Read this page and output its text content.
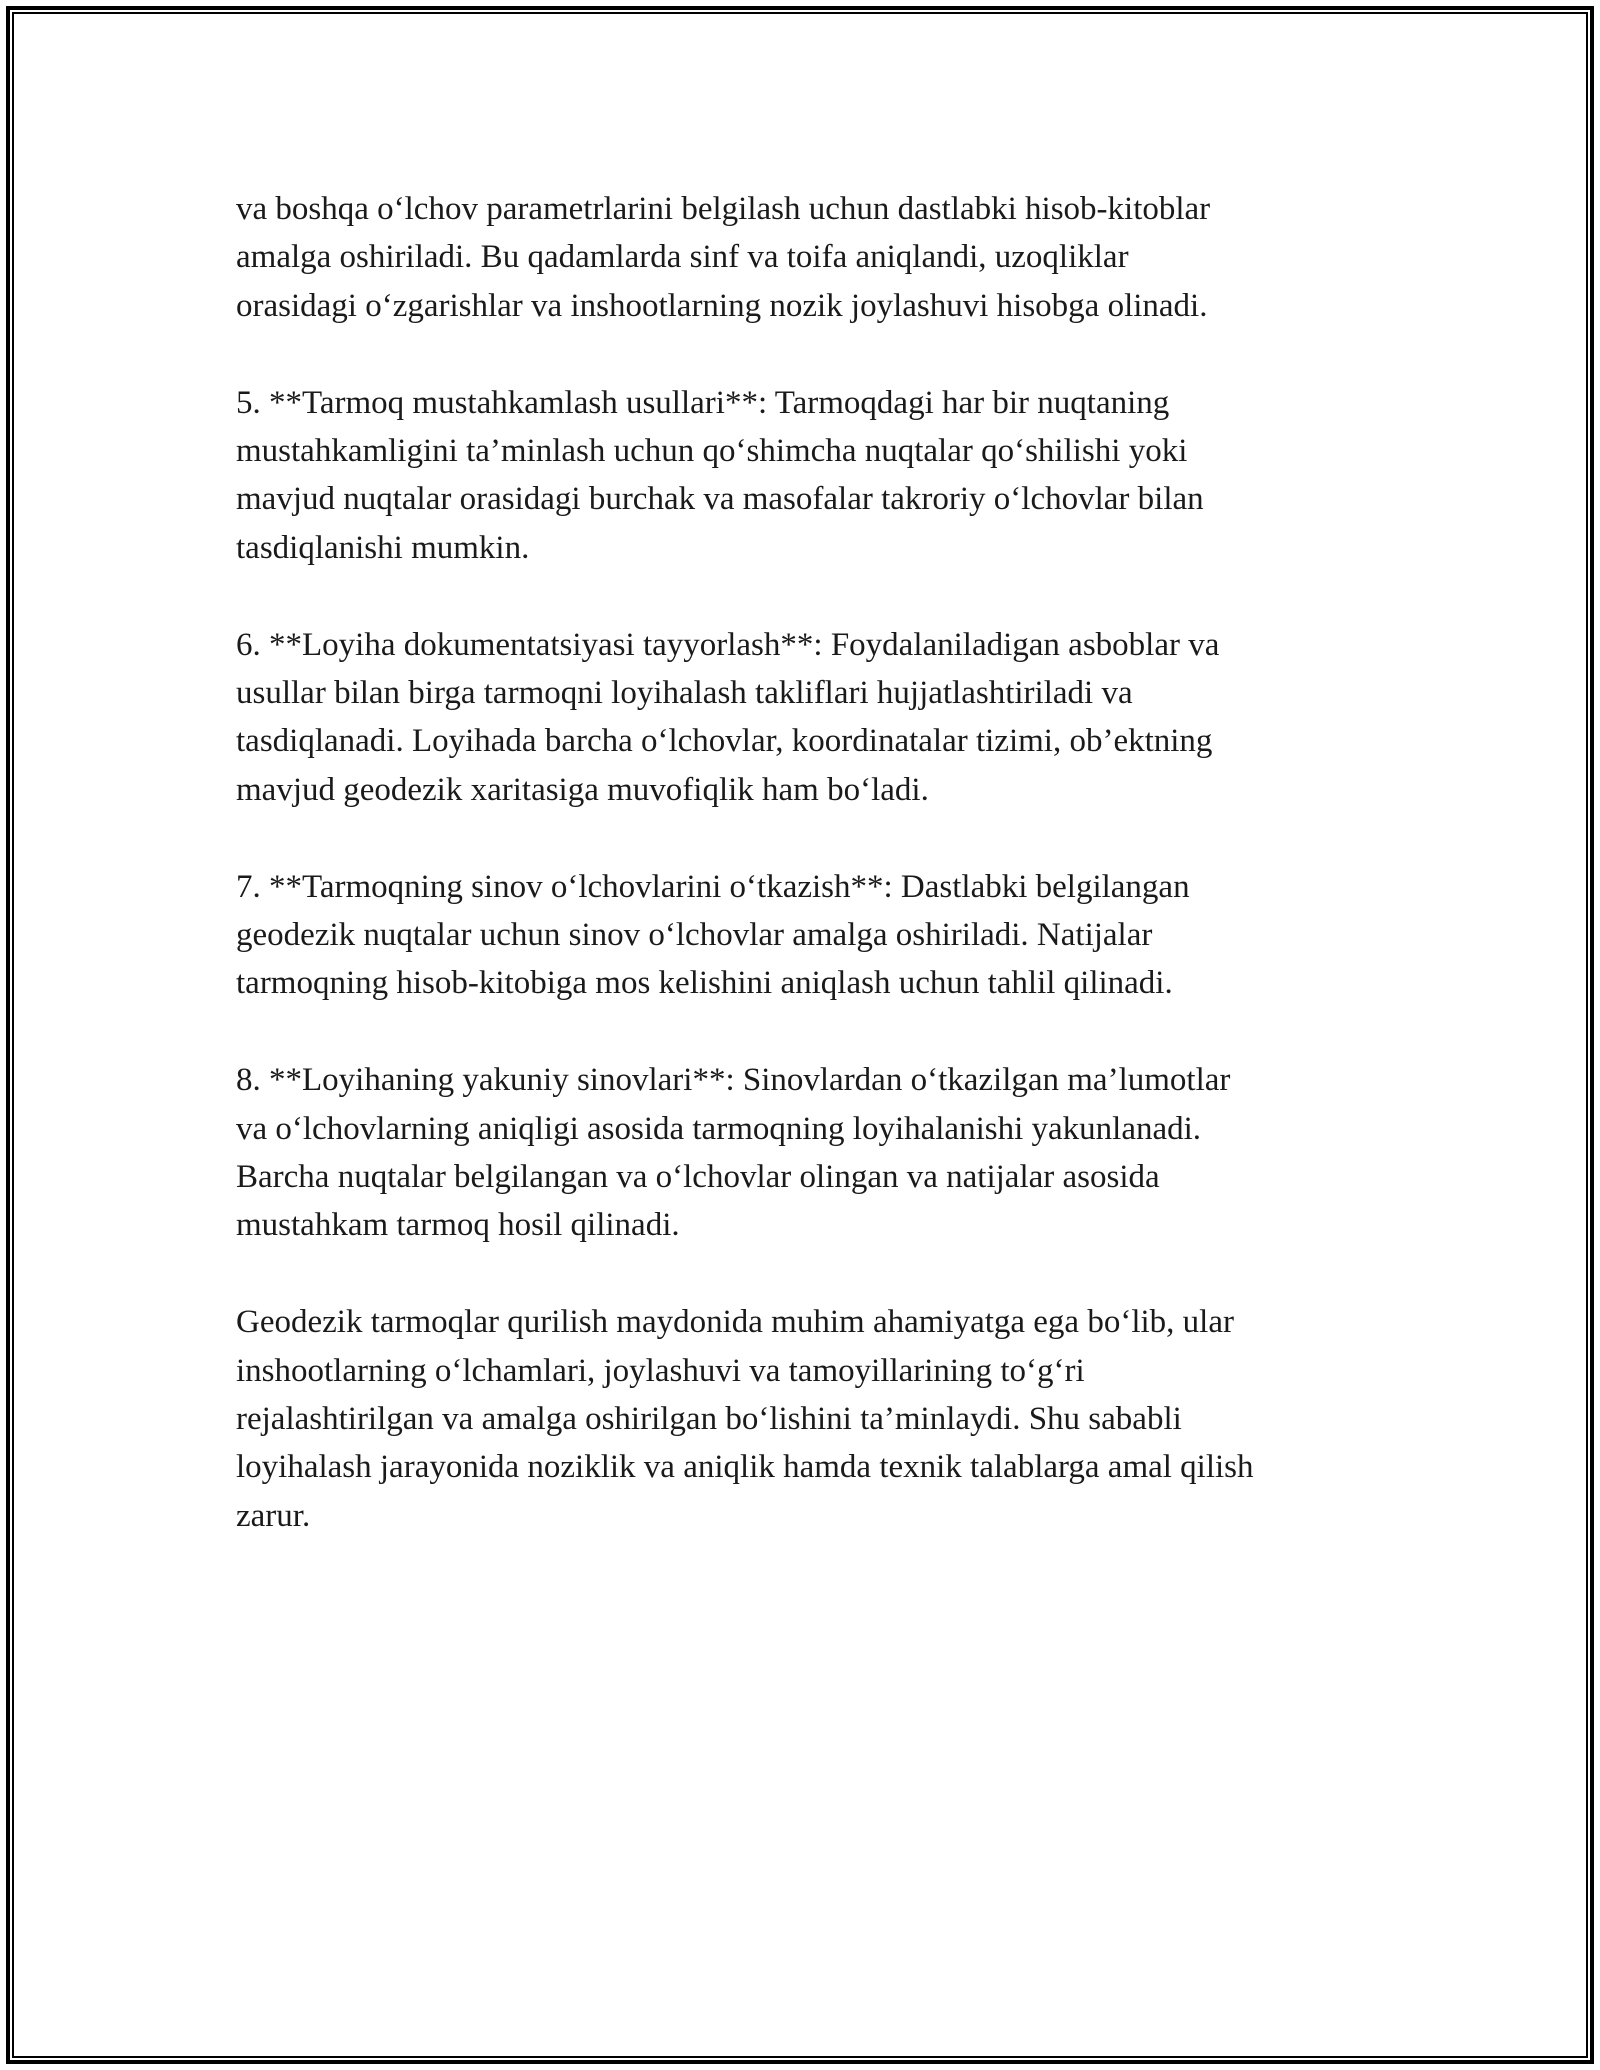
va boshqa o‘lchov parametrlarini belgilash uchun dastlabki hisob-kitoblar
amalga oshiriladi. Bu qadamlarda sinf va toifa aniqlandi, uzoqliklar
orasidagi o‘zgarishlar va inshootlarning nozik joylashuvi hisobga olinadi.
5. **Tarmoq mustahkamlash usullari**: Tarmoqdagi har bir nuqtaning
mustahkamligini ta’minlash uchun qo‘shimcha nuqtalar qo‘shilishi yoki
mavjud nuqtalar orasidagi burchak va masofalar takroriy o‘lchovlar bilan
tasdiqlanishi mumkin.
6. **Loyiha dokumentatsiyasi tayyorlash**: Foydalaniladigan asboblar va
usullar bilan birga tarmoqni loyihalash takliflari hujjatlashtiriladi va
tasdiqlanadi. Loyihada barcha o‘lchovlar, koordinatalar tizimi, ob’ektning
mavjud geodezik xaritasiga muvofiqlik ham bo‘ladi.
7. **Tarmoqning sinov o‘lchovlarini o‘tkazish**: Dastlabki belgilangan
geodezik nuqtalar uchun sinov o‘lchovlar amalga oshiriladi. Natijalar
tarmoqning hisob-kitobiga mos kelishini aniqlash uchun tahlil qilinadi.
8. **Loyihaning yakuniy sinovlari**: Sinovlardan o‘tkazilgan ma’lumotlar
va o‘lchovlarning aniqligi asosida tarmoqning loyihalanishi yakunlanadi.
Barcha nuqtalar belgilangan va o‘lchovlar olingan va natijalar asosida
mustahkam tarmoq hosil qilinadi.
Geodezik tarmoqlar qurilish maydonida muhim ahamiyatga ega bo‘lib, ular
inshootlarning o‘lchamlari, joylashuvi va tamoyillarining to‘g‘ri
rejalashtirilgan va amalga oshirilgan bo‘lishini ta’minlaydi. Shu sababli
loyihalash jarayonida noziklik va aniqlik hamda texnik talablarga amal qilish
zarur.
